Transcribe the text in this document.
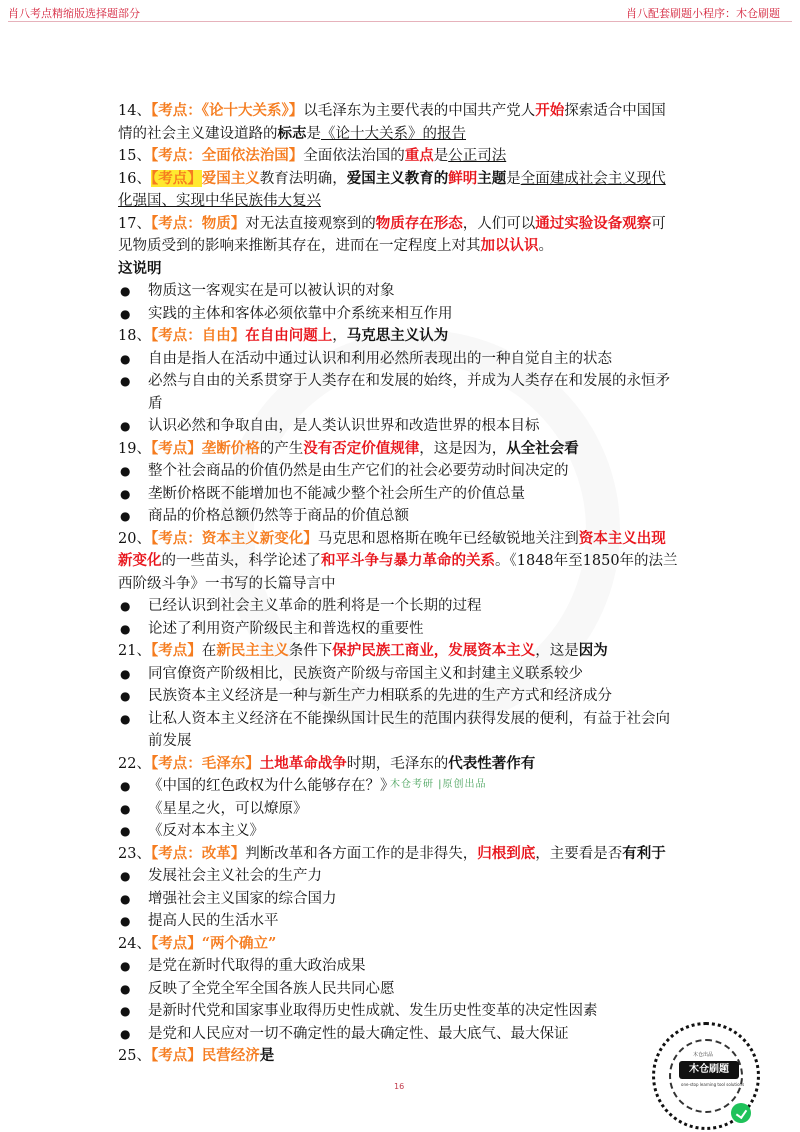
肖八考点精缩版选择题部分	肖八配套刷题小程序：木仓刷题

14、【考点：《论十大关系》】以毛泽东为主要代表的中国共产党人开始探索适合中国国情的社会主义建设道路的标志是《论十大关系》的报告

15、【考点：全面依法治国】全面依法治国的重点是公正司法

16、【考点】爱国主义教育法明确，爱国主义教育的鲜明主题是全面建成社会主义现代化强国、实现中华民族伟大复兴

17、【考点：物质】对无法直接观察到的物质存在形态，人们可以通过实验设备观察可见物质受到的影响来推断其存在，进而在一定程度上对其加以认识。
这说明

● 物质这一客观实在是可以被认识的对象

● 实践的主体和客体必须依靠中介系统来相互作用

18、【考点：自由】在自由问题上，马克思主义认为

● 自由是指人在活动中通过认识和利用必然所表现出的一种自觉自主的状态

● 必然与自由的关系贯穿于人类存在和发展的始终，并成为人类存在和发展的永恒矛盾

● 认识必然和争取自由，是人类认识世界和改造世界的根本目标

19、【考点】垄断价格的产生没有否定价值规律，这是因为，从全社会看

● 整个社会商品的价值仍然是由生产它们的社会必要劳动时间决定的

● 垄断价格既不能增加也不能减少整个社会所生产的价值总量

● 商品的价格总额仍然等于商品的价值总额

20、【考点：资本主义新变化】马克思和恩格斯在晚年已经敏锐地关注到资本主义出现新变化的一些苗头，科学论述了和平斗争与暴力革命的关系。《1848年至1850年的法兰西阶级斗争》一书写的长篇导言中

● 已经认识到社会主义革命的胜利将是一个长期的过程

● 论述了利用资产阶级民主和普选权的重要性

21、【考点】在新民主主义条件下保护民族工商业，发展资本主义，这是因为

● 同官僚资产阶级相比，民族资产阶级与帝国主义和封建主义联系较少

● 民族资本主义经济是一种与新生产力相联系的先进的生产方式和经济成分

● 让私人资本主义经济在不能操纵国计民生的范围内获得发展的便利，有益于社会向前发展

22、【考点：毛泽东】土地革命战争时期，毛泽东的代表性著作有

● 《中国的红色政权为什么能够存在？》

● 《星星之火，可以燎原》

● 《反对本本主义》

23、【考点：改革】判断改革和各方面工作的是非得失，归根到底，主要看是否有利于

● 发展社会主义社会的生产力

● 增强社会主义国家的综合国力

● 提高人民的生活水平

24、【考点】“两个确立”

● 是党在新时代取得的重大政治成果

● 反映了全党全军全国各族人民共同心愿

● 是新时代党和国家事业取得历史性成就、发生历史性变革的决定性因素

● 是党和人民应对一切不确定性的最大确定性、最大底气、最大保证

25、【考点】民营经济是

木仓考研 |原创出品
16
木仓出品
木仓刷题
one-stop learning tool solutions
